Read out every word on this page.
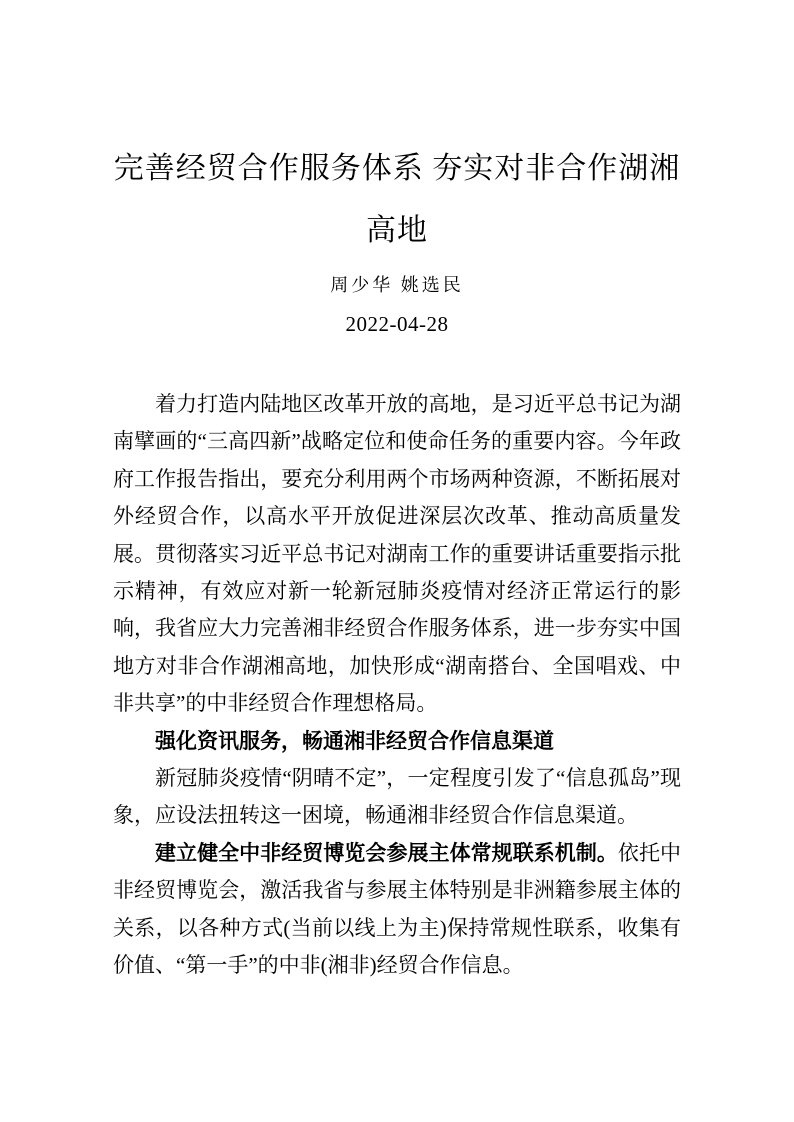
完善经贸合作服务体系 夯实对非合作湖湘
高地
周少华 姚选民
2022-04-28

着力打造内陆地区改革开放的高地，是习近平总书记为湖南擘画的“三高四新”战略定位和使命任务的重要内容。今年政府工作报告指出，要充分利用两个市场两种资源，不断拓展对外经贸合作，以高水平开放促进深层次改革、推动高质量发展。贯彻落实习近平总书记对湖南工作的重要讲话重要指示批示精神，有效应对新一轮新冠肺炎疫情对经济正常运行的影响，我省应大力完善湘非经贸合作服务体系，进一步夯实中国地方对非合作湖湘高地，加快形成“湖南搭台、全国唱戏、中非共享”的中非经贸合作理想格局。

强化资讯服务，畅通湘非经贸合作信息渠道

新冠肺炎疫情“阴晴不定”，一定程度引发了“信息孤岛”现象，应设法扭转这一困境，畅通湘非经贸合作信息渠道。

建立健全中非经贸博览会参展主体常规联系机制。依托中非经贸博览会，激活我省与参展主体特别是非洲籍参展主体的关系，以各种方式(当前以线上为主)保持常规性联系，收集有价值、“第一手”的中非(湘非)经贸合作信息。
